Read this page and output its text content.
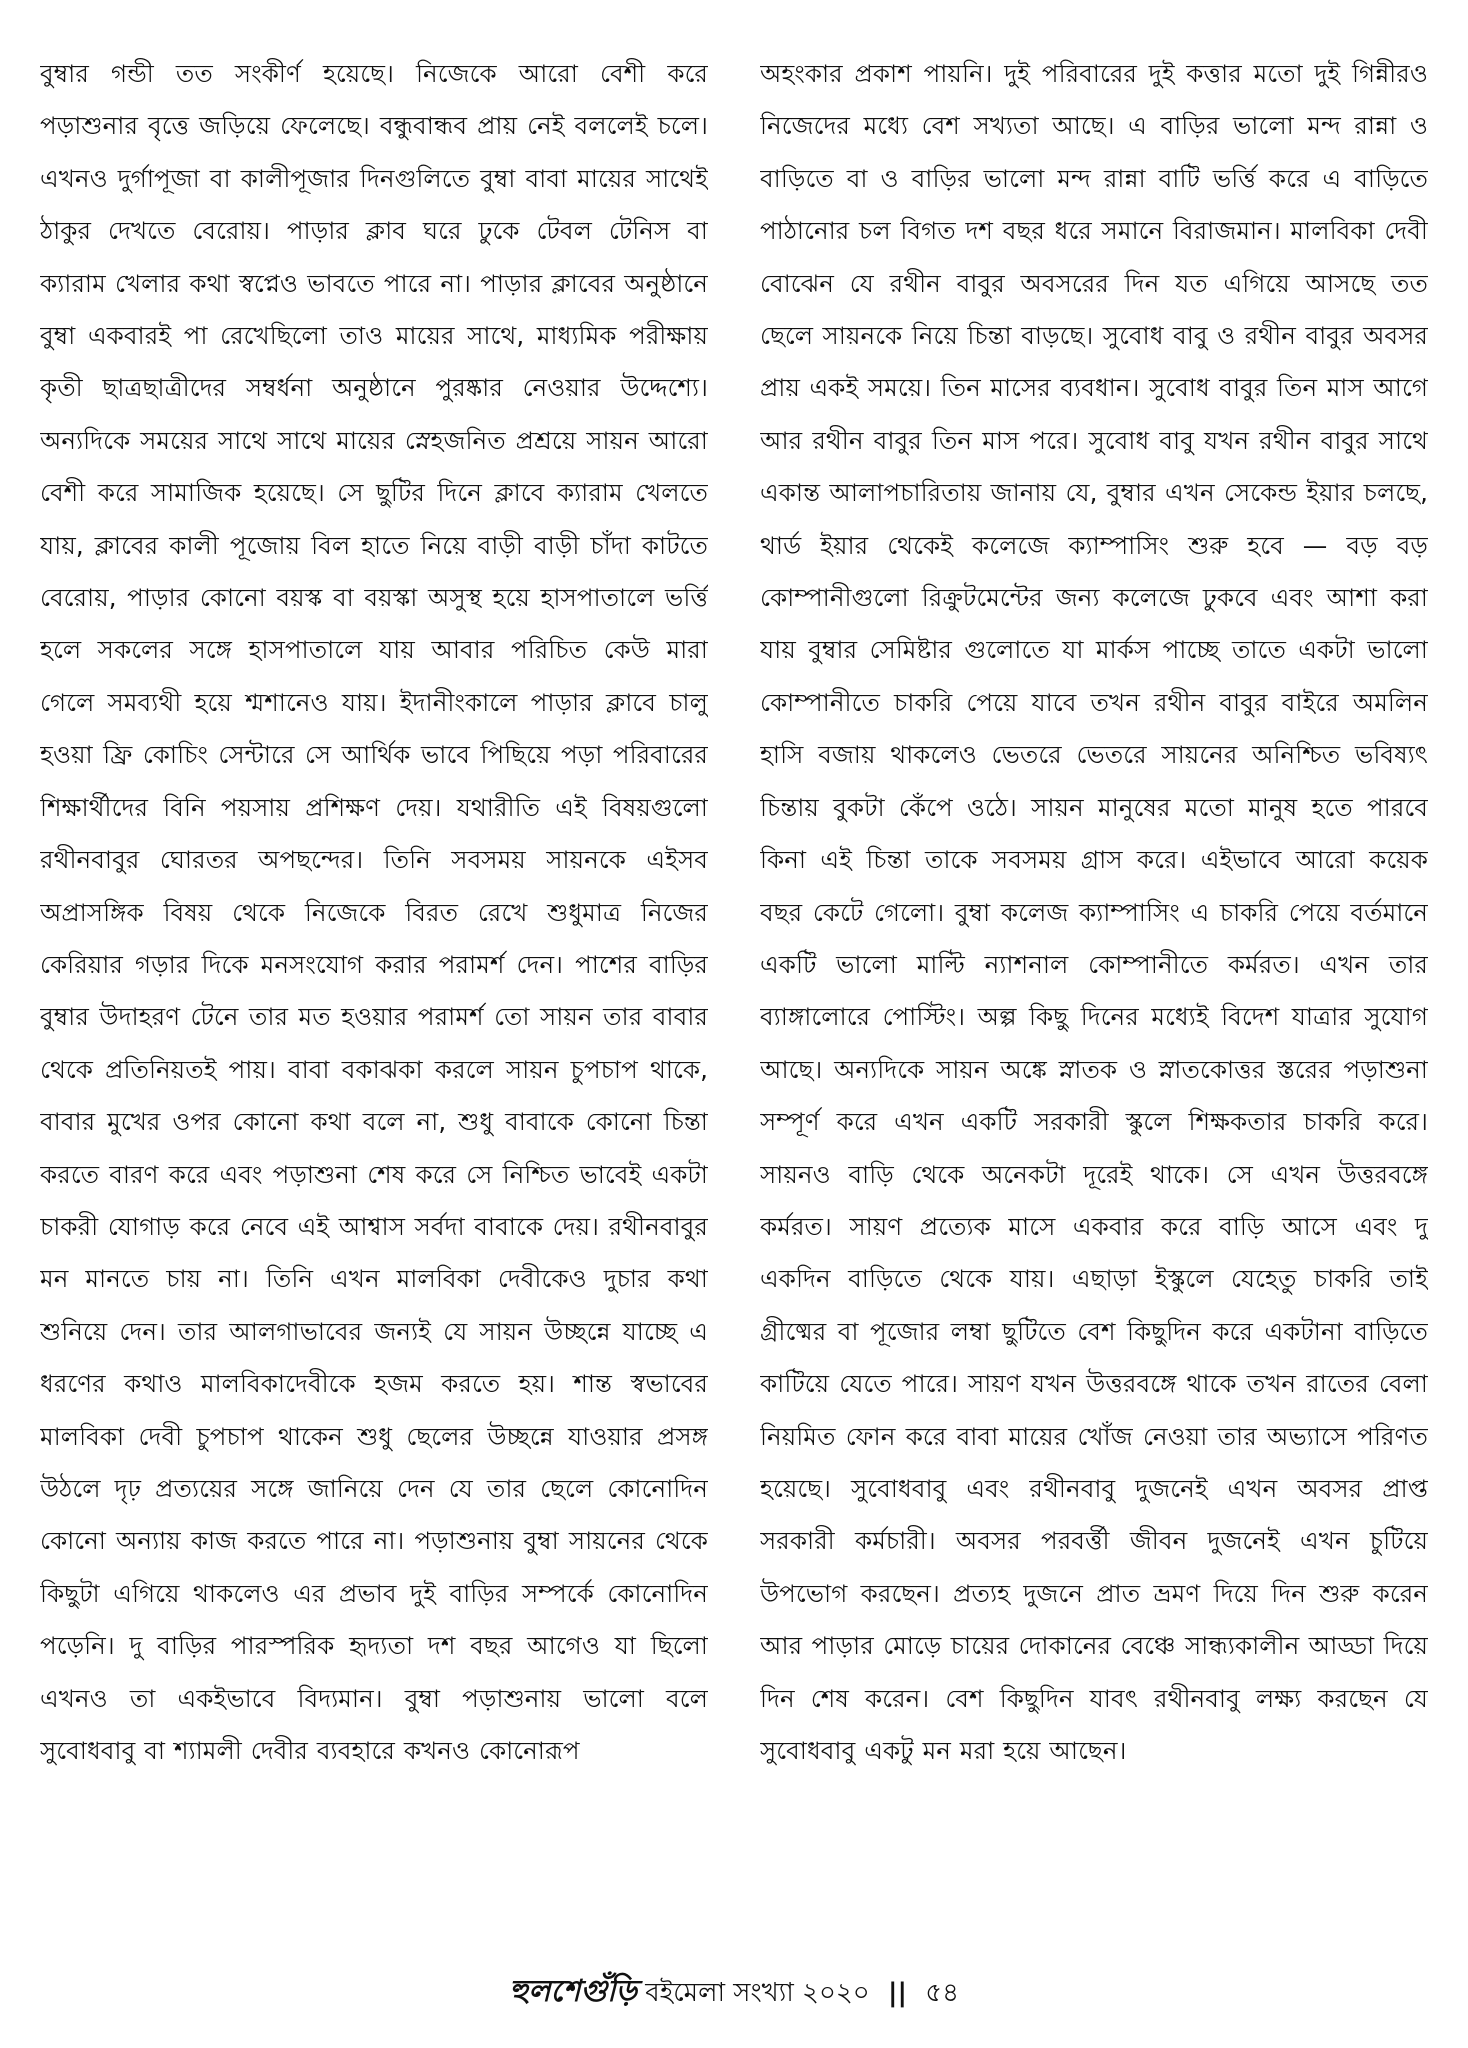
বুম্বার গন্ডী তত সংকীর্ণ হয়েছে। নিজেকে আরো বেশী করে পড়াশুনার বৃত্তে জড়িয়ে ফেলেছে। বন্ধুবান্ধব প্রায় নেই বললেই চলে। এখনও দুর্গাপূজা বা কালীপূজার দিনগুলিতে বুম্বা বাবা মায়ের সাথেই ঠাকুর দেখতে বেরোয়। পাড়ার ক্লাব ঘরে ঢুকে টেবল টেনিস বা ক্যারাম খেলার কথা স্বপ্নেও ভাবতে পারে না। পাড়ার ক্লাবের অনুষ্ঠানে বুম্বা একবারই পা রেখেছিলো তাও মায়ের সাথে, মাধ্যমিক পরীক্ষায় কৃতী ছাত্রছাত্রীদের সম্বর্ধনা অনুষ্ঠানে পুরষ্কার নেওয়ার উদ্দেশ্যে। অন্যদিকে সময়ের সাথে সাথে মায়ের স্নেহজনিত প্রশ্রয়ে সায়ন আরো বেশী করে সামাজিক হয়েছে। সে ছুটির দিনে ক্লাবে ক্যারাম খেলতে যায়, ক্লাবের কালী পূজোয় বিল হাতে নিয়ে বাড়ী বাড়ী চাঁদা কাটতে বেরোয়, পাড়ার কোনো বয়স্ক বা বয়স্কা অসুস্থ হয়ে হাসপাতালে ভর্ত্তি হলে সকলের সঙ্গে হাসপাতালে যায় আবার পরিচিত কেউ মারা গেলে সমব্যথী হয়ে শ্মশানেও যায়। ইদানীংকালে পাড়ার ক্লাবে চালু হওয়া ফ্রি কোচিং সেন্টারে সে আর্থিক ভাবে পিছিয়ে পড়া পরিবারের শিক্ষার্থীদের বিনি পয়সায় প্রশিক্ষণ দেয়। যথারীতি এই বিষয়গুলো রথীনবাবুর ঘোরতর অপছন্দের। তিনি সবসময় সায়নকে এইসব অপ্রাসঙ্গিক বিষয় থেকে নিজেকে বিরত রেখে শুধুমাত্র নিজের কেরিয়ার গড়ার দিকে মনসংযোগ করার পরামর্শ দেন। পাশের বাড়ির বুম্বার উদাহরণ টেনে তার মত হওয়ার পরামর্শ তো সায়ন তার বাবার থেকে প্রতিনিয়তই পায়। বাবা বকাঝকা করলে সায়ন চুপচাপ থাকে, বাবার মুখের ওপর কোনো কথা বলে না, শুধু বাবাকে কোনো চিন্তা করতে বারণ করে এবং পড়াশুনা শেষ করে সে নিশ্চিত ভাবেই একটা চাকরী যোগাড় করে নেবে এই আশ্বাস সর্বদা বাবাকে দেয়। রথীনবাবুর মন মানতে চায় না। তিনি এখন মালবিকা দেবীকেও দুচার কথা শুনিয়ে দেন। তার আলগাভাবের জন্যই যে সায়ন উচ্ছন্নে যাচ্ছে এ ধরণের কথাও মালবিকাদেবীকে হজম করতে হয়। শান্ত স্বভাবের মালবিকা দেবী চুপচাপ থাকেন শুধু ছেলের উচ্ছন্নে যাওয়ার প্রসঙ্গ উঠলে দৃঢ় প্রত্যয়ের সঙ্গে জানিয়ে দেন যে তার ছেলে কোনোদিন কোনো অন্যায় কাজ করতে পারে না। পড়াশুনায় বুম্বা সায়নের থেকে কিছুটা এগিয়ে থাকলেও এর প্রভাব দুই বাড়ির সম্পর্কে কোনোদিন পড়েনি। দু বাড়ির পারস্পরিক হৃদ্যতা দশ বছর আগেও যা ছিলো এখনও তা একইভাবে বিদ্যমান। বুম্বা পড়াশুনায় ভালো বলে সুবোধবাবু বা শ্যামলী দেবীর ব্যবহারে কখনও কোনোরূপ

অহংকার প্রকাশ পায়নি। দুই পরিবারের দুই কত্তার মতো দুই গিন্নীরও নিজেদের মধ্যে বেশ সখ্যতা আছে। এ বাড়ির ভালো মন্দ রান্না ও বাড়িতে বা ও বাড়ির ভালো মন্দ রান্না বাটি ভর্ত্তি করে এ বাড়িতে পাঠানোর চল বিগত দশ বছর ধরে সমানে বিরাজমান। মালবিকা দেবী বোঝেন যে রথীন বাবুর অবসরের দিন যত এগিয়ে আসছে তত ছেলে সায়নকে নিয়ে চিন্তা বাড়ছে। সুবোধ বাবু ও রথীন বাবুর অবসর প্রায় একই সময়ে। তিন মাসের ব্যবধান। সুবোধ বাবুর তিন মাস আগে আর রথীন বাবুর তিন মাস পরে। সুবোধ বাবু যখন রথীন বাবুর সাথে একান্ত আলাপচারিতায় জানায় যে, বুম্বার এখন সেকেন্ড ইয়ার চলছে, থার্ড ইয়ার থেকেই কলেজে ক্যাম্পাসিং শুরু হবে — বড় বড় কোম্পানীগুলো রিক্রুটমেন্টের জন্য কলেজে ঢুকবে এবং আশা করা যায় বুম্বার সেমিষ্টার গুলোতে যা মার্কস পাচ্ছে তাতে একটা ভালো কোম্পানীতে চাকরি পেয়ে যাবে তখন রথীন বাবুর বাইরে অমলিন হাসি বজায় থাকলেও ভেতরে ভেতরে সায়নের অনিশ্চিত ভবিষ্যৎ চিন্তায় বুকটা কেঁপে ওঠে। সায়ন মানুষের মতো মানুষ হতে পারবে কিনা এই চিন্তা তাকে সবসময় গ্রাস করে। এইভাবে আরো কয়েক বছর কেটে গেলো। বুম্বা কলেজ ক্যাম্পাসিং এ চাকরি পেয়ে বর্তমানে একটি ভালো মাল্টি ন্যাশনাল কোম্পানীতে কর্মরত। এখন তার ব্যাঙ্গালোরে পোস্টিং। অল্প কিছু দিনের মধ্যেই বিদেশ যাত্রার সুযোগ আছে। অন্যদিকে সায়ন অঙ্কে স্নাতক ও স্নাতকোত্তর স্তরের পড়াশুনা সম্পূর্ণ করে এখন একটি সরকারী স্কুলে শিক্ষকতার চাকরি করে। সায়নও বাড়ি থেকে অনেকটা দূরেই থাকে। সে এখন উত্তরবঙ্গে কর্মরত। সায়ণ প্রত্যেক মাসে একবার করে বাড়ি আসে এবং দু একদিন বাড়িতে থেকে যায়। এছাড়া ইস্কুলে যেহেতু চাকরি তাই গ্রীষ্মের বা পূজোর লম্বা ছুটিতে বেশ কিছুদিন করে একটানা বাড়িতে কাটিয়ে যেতে পারে। সায়ণ যখন উত্তরবঙ্গে থাকে তখন রাতের বেলা নিয়মিত ফোন করে বাবা মায়ের খোঁজ নেওয়া তার অভ্যাসে পরিণত হয়েছে। সুবোধবাবু এবং রথীনবাবু দুজনেই এখন অবসর প্রাপ্ত সরকারী কর্মচারী। অবসর পরবর্ত্তী জীবন দুজনেই এখন চুটিয়ে উপভোগ করছেন। প্রত্যহ দুজনে প্রাত ভ্রমণ দিয়ে দিন শুরু করেন আর পাড়ার মোড়ে চায়ের দোকানের বেঞ্চে সান্ধ্যকালীন আড্ডা দিয়ে দিন শেষ করেন। বেশ কিছুদিন যাবৎ রথীনবাবু লক্ষ্য করছেন যে সুবোধবাবু একটু মন মরা হয়ে আছেন।

হুলশেগুঁড়ি বইমেলা সংখ্যা ২০২০ || ৫৪
